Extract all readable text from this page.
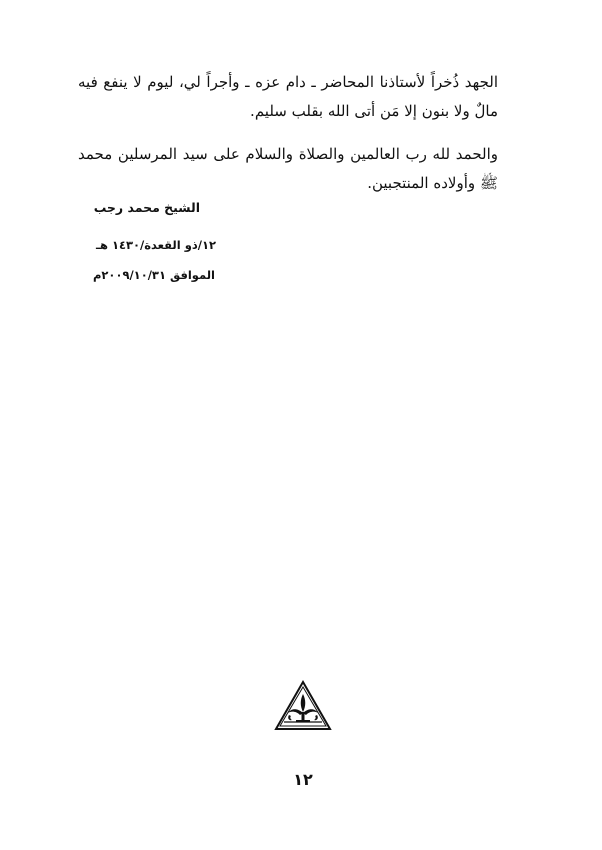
الجهد ذُخراً لأستاذنا المحاضر ـ دام عزه ـ وأجراً لي، ليوم لا ينفع فيه مالٌ ولا بنون إلا مَن أتى الله بقلب سليم.

والحمد لله رب العالمين والصلاة والسلام على سيد المرسلين محمد ﷺ وأولاده المنتجبين.

الشيخ محمد رجب
١٢/ذو القعدة/١٤٣٠ هـ
الموافق ٢٠٠٩/١٠/٣١م
١٢
